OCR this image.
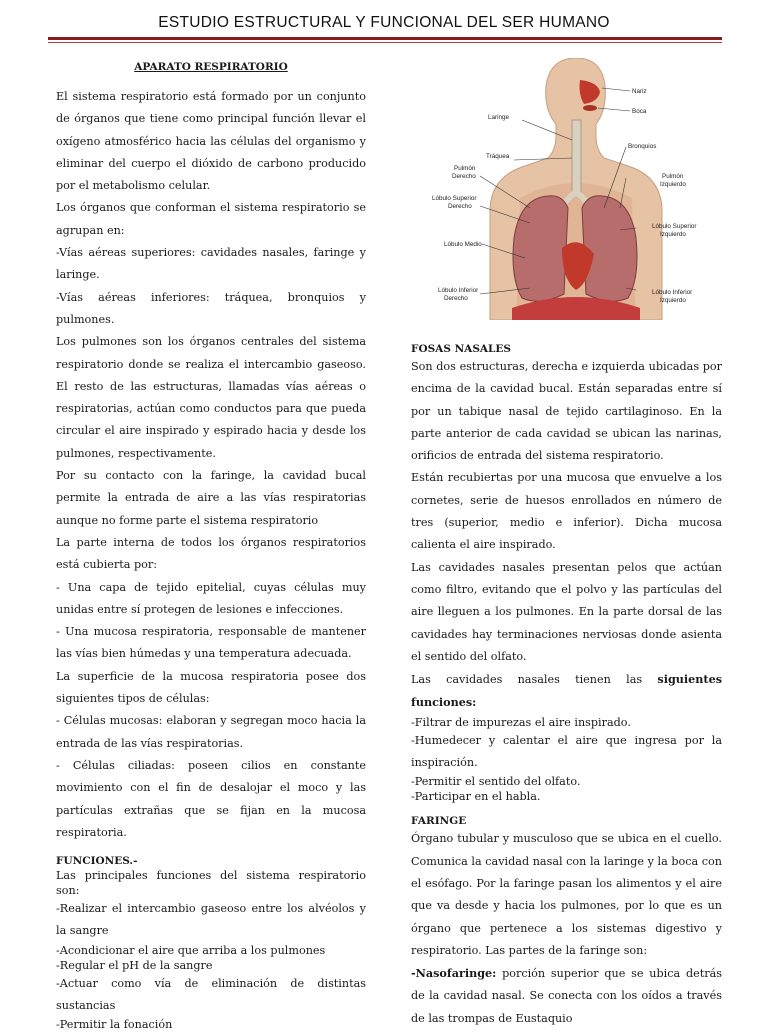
ESTUDIO ESTRUCTURAL Y FUNCIONAL DEL SER HUMANO
APARATO RESPIRATORIO

El sistema respiratorio está formado por un conjunto de órganos que tiene como principal función llevar el oxígeno atmosférico hacia las células del organismo y eliminar del cuerpo el dióxido de carbono producido por el metabolismo celular.

Los órganos que conforman el sistema respiratorio se agrupan en:

-Vías aéreas superiores: cavidades nasales, faringe y laringe.

-Vías aéreas inferiores: tráquea, bronquios y pulmones.

Los pulmones son los órganos centrales del sistema respiratorio donde se realiza el intercambio gaseoso. El resto de las estructuras, llamadas vías aéreas o respiratorias, actúan como conductos para que pueda circular el aire inspirado y espirado hacia y desde los pulmones, respectivamente.

Por su contacto con la faringe, la cavidad bucal permite la entrada de aire a las vías respiratorias aunque no forme parte el sistema respiratorio

La parte interna de todos los órganos respiratorios está cubierta por:

- Una capa de tejido epitelial, cuyas células muy unidas entre sí protegen de lesiones e infecciones.

- Una mucosa respiratoria, responsable de mantener las vías bien húmedas y una temperatura adecuada.

La superficie de la mucosa respiratoria posee dos siguientes tipos de células:

- Células mucosas: elaboran y segregan moco hacia la entrada de las vías respiratorias.

- Células ciliadas: poseen cilios en constante movimiento con el fin de desalojar el moco y las partículas extrañas que se fijan en la mucosa respiratoria.

FUNCIONES.-

Las principales funciones del sistema respiratorio son:

-Realizar el intercambio gaseoso entre los alvéolos y la sangre

-Acondicionar el aire que arriba a los pulmones

-Regular el pH de la sangre

-Actuar como vía de eliminación de distintas sustancias

-Permitir la fonación

Nariz
Boca
Laringe
Bronquios
Tráquea
Pulmón
Derecho	Pulmón
Izquierdo
Lóbulo Superior
Derecho
Lóbulo Superior
Izquierdo
Lóbulo Medio
Lóbulo Inferior
Derecho
Lóbulo Inferior
Izquierdo
FOSAS NASALES

Son dos estructuras, derecha e izquierda ubicadas por encima de la cavidad bucal. Están separadas entre sí por un tabique nasal de tejido cartilaginoso. En la parte anterior de cada cavidad se ubican las narinas, orificios de entrada del sistema respiratorio.

Están recubiertas por una mucosa que envuelve a los cornetes, serie de huesos enrollados en número de tres (superior, medio e inferior). Dicha mucosa calienta el aire inspirado.

Las cavidades nasales presentan pelos que actúan como filtro, evitando que el polvo y las partículas del aire lleguen a los pulmones. En la parte dorsal de las cavidades hay terminaciones nerviosas donde asienta el sentido del olfato.

Las cavidades nasales tienen las siguientes funciones:

-Filtrar de impurezas el aire inspirado.

-Humedecer y calentar el aire que ingresa por la inspiración.

-Permitir el sentido del olfato.

-Participar en el habla.

FARINGE

Órgano tubular y musculoso que se ubica en el cuello. Comunica la cavidad nasal con la laringe y la boca con el esófago. Por la faringe pasan los alimentos y el aire que va desde y hacia los pulmones, por lo que es un órgano que pertenece a los sistemas digestivo y respiratorio. Las partes de la faringe son:

-Nasofaringe: porción superior que se ubica detrás de la cavidad nasal. Se conecta con los oídos a través de las trompas de Eustaquio
